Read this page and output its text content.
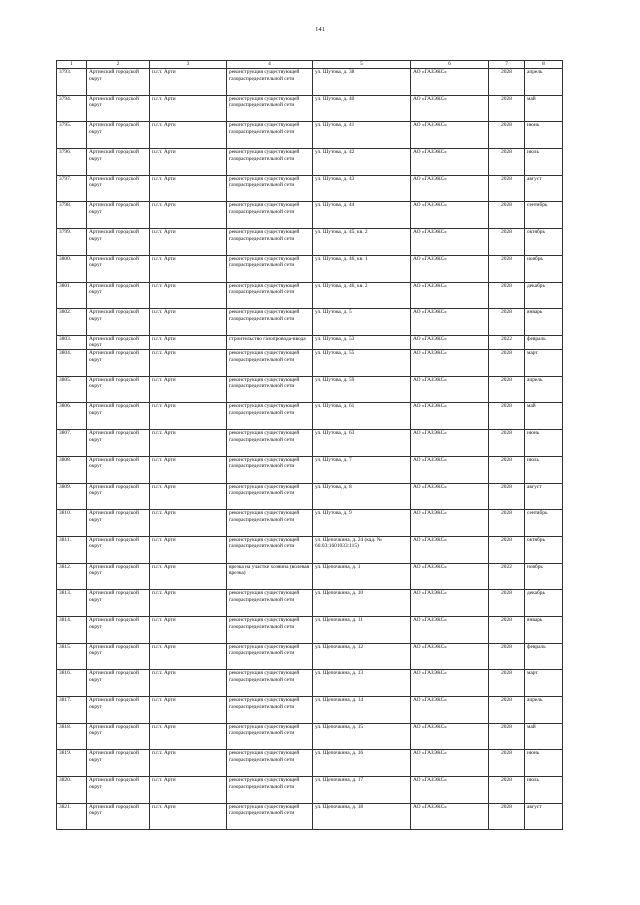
141
1	2	3	4	5	6	7	8
3793.	Артинский городской округ	п.г.т. Арти	реконструкция существующей газораспределительной сети	ул. Шутова, д. 38	АО «ГАЗЭКС»	2028	апрель
3794.	Артинский городской округ	п.г.т. Арти	реконструкция существующей газораспределительной сети	ул. Шутова, д. 40	АО «ГАЗЭКС»	2028	май
3795.	Артинский городской округ	п.г.т. Арти	реконструкция существующей газораспределительной сети	ул. Шутова, д. 41	АО «ГАЗЭКС»	2028	июнь
3796.	Артинский городской округ	п.г.т. Арти	реконструкция существующей газораспределительной сети	ул. Шутова, д. 42	АО «ГАЗЭКС»	2028	июль
3797.	Артинский городской округ	п.г.т. Арти	реконструкция существующей газораспределительной сети	ул. Шутова, д. 43	АО «ГАЗЭКС»	2028	август
3798.	Артинский городской округ	п.г.т. Арти	реконструкция существующей газораспределительной сети	ул. Шутова, д. 44	АО «ГАЗЭКС»	2028	сентябрь
3799.	Артинский городской округ	п.г.т. Арти	реконструкция существующей газораспределительной сети	ул. Шутова, д. 45, кв. 2	АО «ГАЗЭКС»	2028	октябрь
3800.	Артинский городской округ	п.г.т. Арти	реконструкция существующей газораспределительной сети	ул. Шутова, д. 46, кв. 1	АО «ГАЗЭКС»	2028	ноябрь
3801.	Артинский городской округ	п.г.т. Арти	реконструкция существующей газораспределительной сети	ул. Шутова, д. 46, кв. 2	АО «ГАЗЭКС»	2028	декабрь
3802.	Артинский городской округ	п.г.т. Арти	реконструкция существующей газораспределительной сети	ул. Шутова, д. 5	АО «ГАЗЭКС»	2028	январь
3803.	Артинский городской округ	п.г.т. Арти	строительство газопровода-ввода	ул. Шутова, д. 53	АО «ГАЗЭКС»	2022	февраль
3804.	Артинский городской округ	п.г.т. Арти	реконструкция существующей газораспределительной сети	ул. Шутова, д. 55	АО «ГАЗЭКС»	2028	март
3805.	Артинский городской округ	п.г.т. Арти	реконструкция существующей газораспределительной сети	ул. Шутова, д. 59	АО «ГАЗЭКС»	2028	апрель
3806.	Артинский городской округ	п.г.т. Арти	реконструкция существующей газораспределительной сети	ул. Шутова, д. 61	АО «ГАЗЭКС»	2028	май
3807.	Артинский городской округ	п.г.т. Арти	реконструкция существующей газораспределительной сети	ул. Шутова, д. 63	АО «ГАЗЭКС»	2028	июнь
3808.	Артинский городской округ	п.г.т. Арти	реконструкция существующей газораспределительной сети	ул. Шутова, д. 7	АО «ГАЗЭКС»	2028	июль
3809.	Артинский городской округ	п.г.т. Арти	реконструкция существующей газораспределительной сети	ул. Шутова, д. 8	АО «ГАЗЭКС»	2028	август
3810.	Артинский городской округ	п.г.т. Арти	реконструкция существующей газораспределительной сети	ул. Шутова, д. 9	АО «ГАЗЭКС»	2028	сентябрь
3811.	Артинский городской округ	п.г.т. Арти	реконструкция существующей газораспределительной сети	ул. Щепочкина, д. 24 (кад. № 66:03:1601033:115)	АО «ГАЗЭКС»	2028	октябрь
3812.	Артинский городской округ	п.г.т. Арти	врезка на участке хозяина (волевая врезка)	ул. Щепочкина, д. 1	АО «ГАЗЭКС»	2022	ноябрь
3813.	Артинский городской округ	п.г.т. Арти	реконструкция существующей газораспределительной сети	ул. Щепочкина, д. 10	АО «ГАЗЭКС»	2028	декабрь
3814.	Артинский городской округ	п.г.т. Арти	реконструкция существующей газораспределительной сети	ул. Щепочкина, д. 11	АО «ГАЗЭКС»	2028	январь
3815.	Артинский городской округ	п.г.т. Арти	реконструкция существующей газораспределительной сети	ул. Щепочкина, д. 12	АО «ГАЗЭКС»	2028	февраль
3816.	Артинский городской округ	п.г.т. Арти	реконструкция существующей газораспределительной сети	ул. Щепочкина, д. 13	АО «ГАЗЭКС»	2028	март
3817.	Артинский городской округ	п.г.т. Арти	реконструкция существующей газораспределительной сети	ул. Щепочкина, д. 14	АО «ГАЗЭКС»	2028	апрель
3818.	Артинский городской округ	п.г.т. Арти	реконструкция существующей газораспределительной сети	ул. Щепочкина, д. 15	АО «ГАЗЭКС»	2028	май
3819.	Артинский городской округ	п.г.т. Арти	реконструкция существующей газораспределительной сети	ул. Щепочкина, д. 16	АО «ГАЗЭКС»	2028	июнь
3820.	Артинский городской округ	п.г.т. Арти	реконструкция существующей газораспределительной сети	ул. Щепочкина, д. 17	АО «ГАЗЭКС»	2028	июль
3821.	Артинский городской округ	п.г.т. Арти	реконструкция существующей газораспределительной сети	ул. Щепочкина, д. 18	АО «ГАЗЭКС»	2028	август
